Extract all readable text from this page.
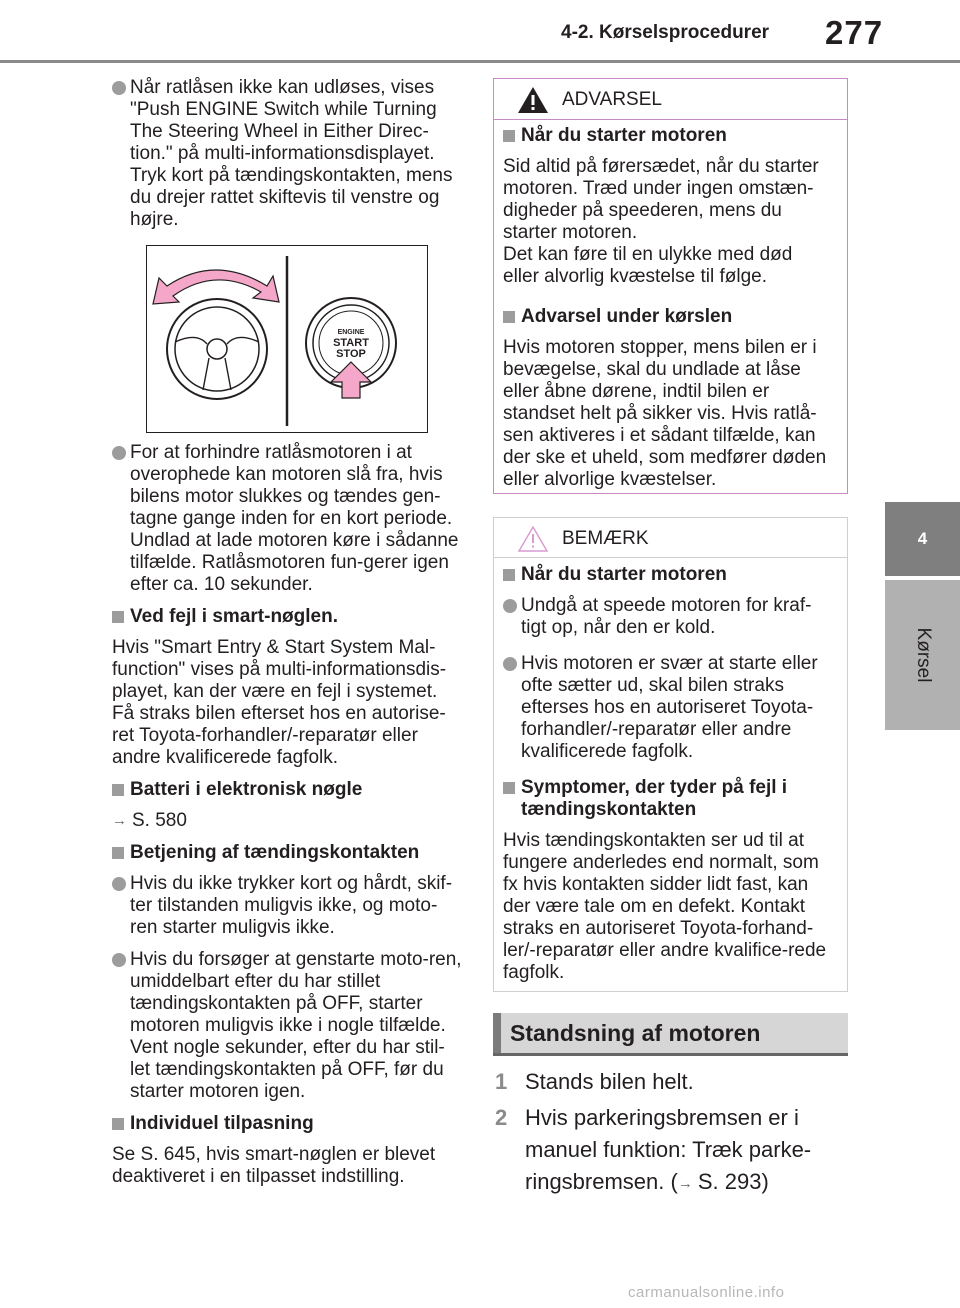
4-2. Kørselsprocedurer	277
4
Kørsel
Når ratlåsen ikke kan udløses, vises "Push ENGINE Switch while Turning The Steering Wheel in Either Direc-tion." på multi-informationsdisplayet. Tryk kort på tændingskontakten, mens du drejer rattet skiftevis til venstre og højre.
ENGINE
START
STOP
For at forhindre ratlåsmotoren i at overophede kan motoren slå fra, hvis bilens motor slukkes og tændes gen-tagne gange inden for en kort periode. Undlad at lade motoren køre i sådanne tilfælde. Ratlåsmotoren fun-gerer igen efter ca. 10 sekunder.
Ved fejl i smart-nøglen.
Hvis "Smart Entry & Start System Mal-function" vises på multi-informationsdis-playet, kan der være en fejl i systemet. Få straks bilen efterset hos en autorise-ret Toyota-forhandler/-reparatør eller andre kvalificerede fagfolk.
Batteri i elektronisk nøgle
→ S. 580
Betjening af tændingskontakten
Hvis du ikke trykker kort og hårdt, skif-ter tilstanden muligvis ikke, og moto-ren starter muligvis ikke.
Hvis du forsøger at genstarte moto-ren, umiddelbart efter du har stillet tændingskontakten på OFF, starter motoren muligvis ikke i nogle tilfælde. Vent nogle sekunder, efter du har stil-let tændingskontakten på OFF, før du starter motoren igen.
Individuel tilpasning
Se S. 645, hvis smart-nøglen er blevet deaktiveret i en tilpasset indstilling.
ADVARSEL
Når du starter motoren
Sid altid på førersædet, når du starter motoren. Træd under ingen omstæn-digheder på speederen, mens du starter motoren.
Det kan føre til en ulykke med død eller alvorlig kvæstelse til følge.
Advarsel under kørslen
Hvis motoren stopper, mens bilen er i bevægelse, skal du undlade at låse eller åbne dørene, indtil bilen er standset helt på sikker vis. Hvis ratlå-sen aktiveres i et sådant tilfælde, kan der ske et uheld, som medfører døden eller alvorlige kvæstelser.
BEMÆRK
Når du starter motoren
Undgå at speede motoren for kraf-tigt op, når den er kold.
Hvis motoren er svær at starte eller ofte sætter ud, skal bilen straks efterses hos en autoriseret Toyota-forhandler/-reparatør eller andre kvalificerede fagfolk.
Symptomer, der tyder på fejl i tændingskontakten
Hvis tændingskontakten ser ud til at fungere anderledes end normalt, som fx hvis kontakten sidder lidt fast, kan der være tale om en defekt. Kontakt straks en autoriseret Toyota-forhand-ler/-reparatør eller andre kvalifice-rede fagfolk.
Standsning af motoren
1 Stands bilen helt.
2 Hvis parkeringsbremsen er i manuel funktion: Træk parke-ringsbremsen. (→ S. 293)
carmanualsonline.info
